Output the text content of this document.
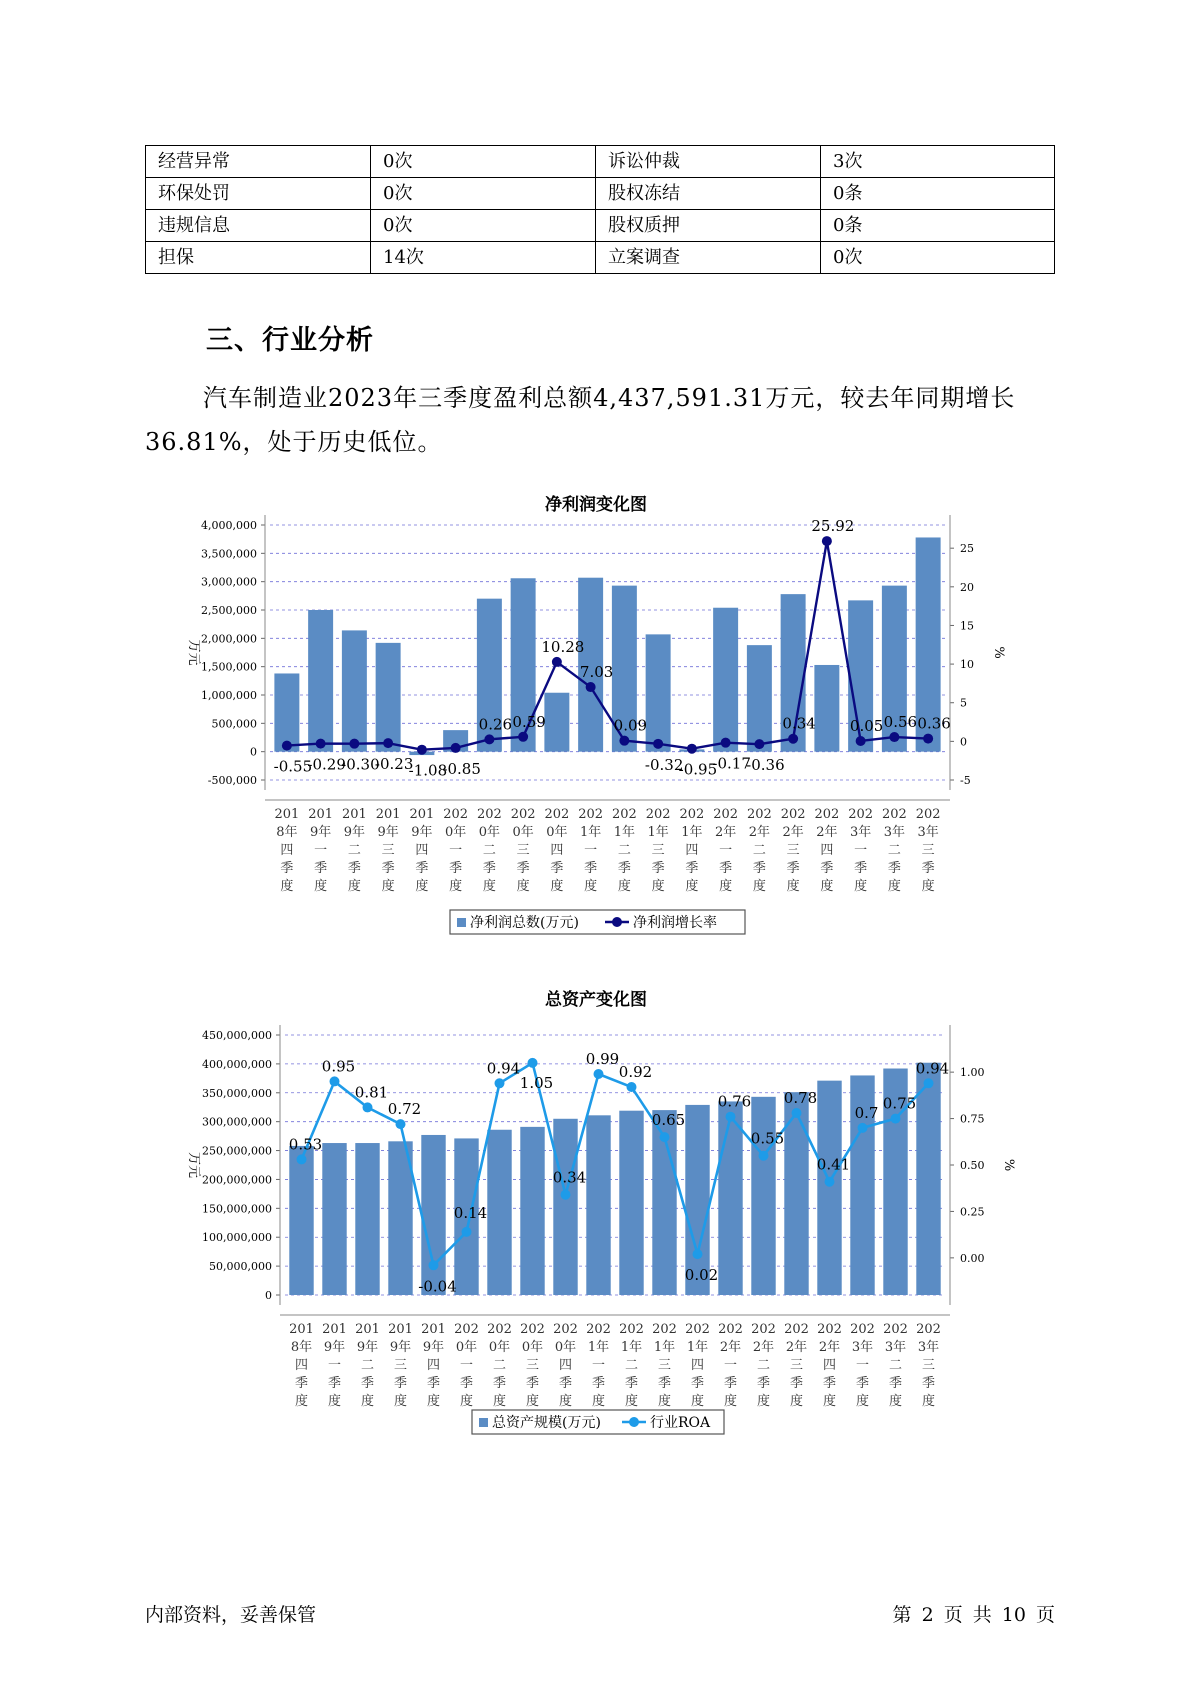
经营异常	0次	诉讼仲裁	3次
环保处罚	0次	股权冻结	0条
违规信息	0次	股权质押	0条
担保	14次	立案调查	0次
三、行业分析
汽车制造业2023年三季度盈利总额4,437,591.31万元，较去年同期增长36.81%，处于历史低位。
净利润变化图
-500,000
0
500,000
1,000,000
1,500,000
2,000,000
2,500,000
3,000,000
3,500,000
4,000,000
-5
0
5
10
15
20
25
万元	%
-0.55
-0.29
-0.30
-0.23
-1.08
-0.85
0.26 0.59
10.28
7.03
0.09
-0.32
-0.95
-0.17
-0.36
0.34
25.92
0.05 0.56 0.36
201 8年四季度
201 9年一季度
201 9年二季度
201 9年三季度
201 9年四季度
202 0年一季度
202 0年二季度
202 0年三季度
202 0年四季度
202 1年一季度
202 1年二季度
202 1年三季度
202 1年四季度
202 2年一季度
202 2年二季度
202 2年三季度
202 2年四季度
202 3年一季度
202 3年二季度
202 3年三季度
净利润总数(万元)	净利润增长率
总资产变化图
0
50,000,000
100,000,000
150,000,000
200,000,000
250,000,000
300,000,000
350,000,000
400,000,000
450,000,000
0.00
0.25
0.50
0.75
1.00
万元	%
0.53
0.95
0.81
0.72
-0.04
0.14
0.94
1.05
0.34
0.99
0.92
0.65
0.02
0.76
0.55
0.78
0.41
0.7
0.75
0.94
201 8年四季度
201 9年一季度
201 9年二季度
201 9年三季度
201 9年四季度
202 0年一季度
202 0年二季度
202 0年三季度
202 0年四季度
202 1年一季度
202 1年二季度
202 1年三季度
202 1年四季度
202 2年一季度
202 2年二季度
202 2年三季度
202 2年四季度
202 3年一季度
202 3年二季度
202 3年三季度
总资产规模(万元)	行业ROA
内部资料，妥善保管	第 2 页 共 10 页
